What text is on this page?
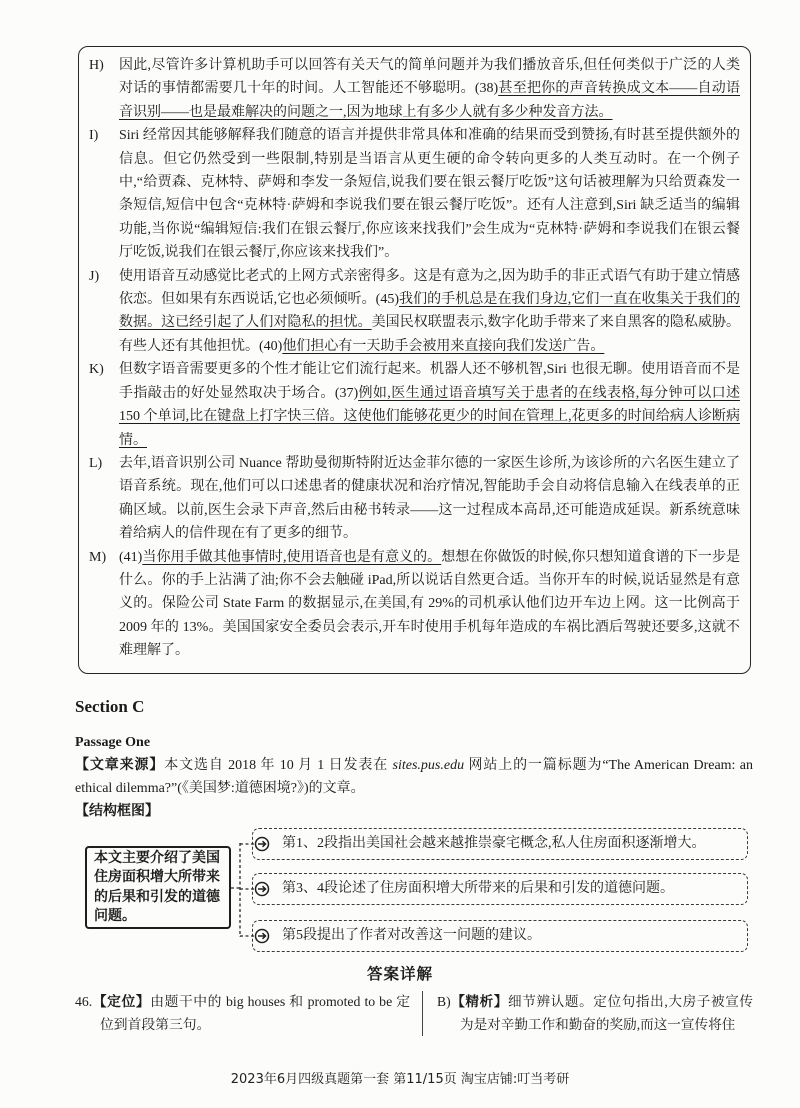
H)	因此,尽管许多计算机助手可以回答有关天气的简单问题并为我们播放音乐,但任何类似于广泛的人类对话的事情都需要几十年的时间。人工智能还不够聪明。(38)甚至把你的声音转换成文本——自动语音识别——也是最难解决的问题之一,因为地球上有多少人就有多少种发音方法。
I)	Siri 经常因其能够解释我们随意的语言并提供非常具体和准确的结果而受到赞扬,有时甚至提供额外的信息。但它仍然受到一些限制,特别是当语言从更生硬的命令转向更多的人类互动时。在一个例子中,“给贾森、克林特、萨姆和李发一条短信,说我们要在银云餐厅吃饭”这句话被理解为只给贾森发一条短信,短信中包含“克林特·萨姆和李说我们要在银云餐厅吃饭”。还有人注意到,Siri 缺乏适当的编辑功能,当你说“编辑短信:我们在银云餐厅,你应该来找我们”会生成为“克林特·萨姆和李说我们在银云餐厅吃饭,说我们在银云餐厅,你应该来找我们”。
J)	使用语音互动感觉比老式的上网方式亲密得多。这是有意为之,因为助手的非正式语气有助于建立情感依恋。但如果有东西说话,它也必须倾听。(45)我们的手机总是在我们身边,它们一直在收集关于我们的数据。这已经引起了人们对隐私的担忧。美国民权联盟表示,数字化助手带来了来自黑客的隐私威胁。有些人还有其他担忧。(40)他们担心有一天助手会被用来直接向我们发送广告。
K)	但数字语音需要更多的个性才能让它们流行起来。机器人还不够机智,Siri 也很无聊。使用语音而不是手指敲击的好处显然取决于场合。(37)例如,医生通过语音填写关于患者的在线表格,每分钟可以口述 150 个单词,比在键盘上打字快三倍。这使他们能够花更少的时间在管理上,花更多的时间给病人诊断病情。
L)	去年,语音识别公司 Nuance 帮助曼彻斯特附近达金菲尔德的一家医生诊所,为该诊所的六名医生建立了语音系统。现在,他们可以口述患者的健康状况和治疗情况,智能助手会自动将信息输入在线表单的正确区域。以前,医生会录下声音,然后由秘书转录——这一过程成本高昂,还可能造成延误。新系统意味着给病人的信件现在有了更多的细节。
M) (41)当你用手做其他事情时,使用语音也是有意义的。想想在你做饭的时候,你只想知道食谱的下一步是什么。你的手上沾满了油;你不会去触碰 iPad,所以说话自然更合适。当你开车的时候,说话显然是有意义的。保险公司 State Farm 的数据显示,在美国,有 29%的司机承认他们边开车边上网。这一比例高于 2009 年的 13%。美国国家安全委员会表示,开车时使用手机每年造成的车祸比酒后驾驶还要多,这就不难理解了。
Section C
Passage One
【文章来源】本文选自 2018 年 10 月 1 日发表在 sites.pus.edu 网站上的一篇标题为“The American Dream: an ethical dilemma?”(《美国梦:道德困境?》)的文章。
【结构框图】
本文主要介绍了美国住房面积增大所带来的后果和引发的道德问题。
第1、2段指出美国社会越来越推崇豪宅概念,私人住房面积逐渐增大。
第3、4段论述了住房面积增大所带来的后果和引发的道德问题。
第5段提出了作者对改善这一问题的建议。
答案详解
46.【定位】由题干中的 big houses 和 promoted to be 定位到首段第三句。
B)【精析】细节辨认题。定位句指出,大房子被宣传为是对辛勤工作和勤奋的奖励,而这一宣传将住
2023年6月四级真题第一套 第11/15页 淘宝店铺:叮当考研
